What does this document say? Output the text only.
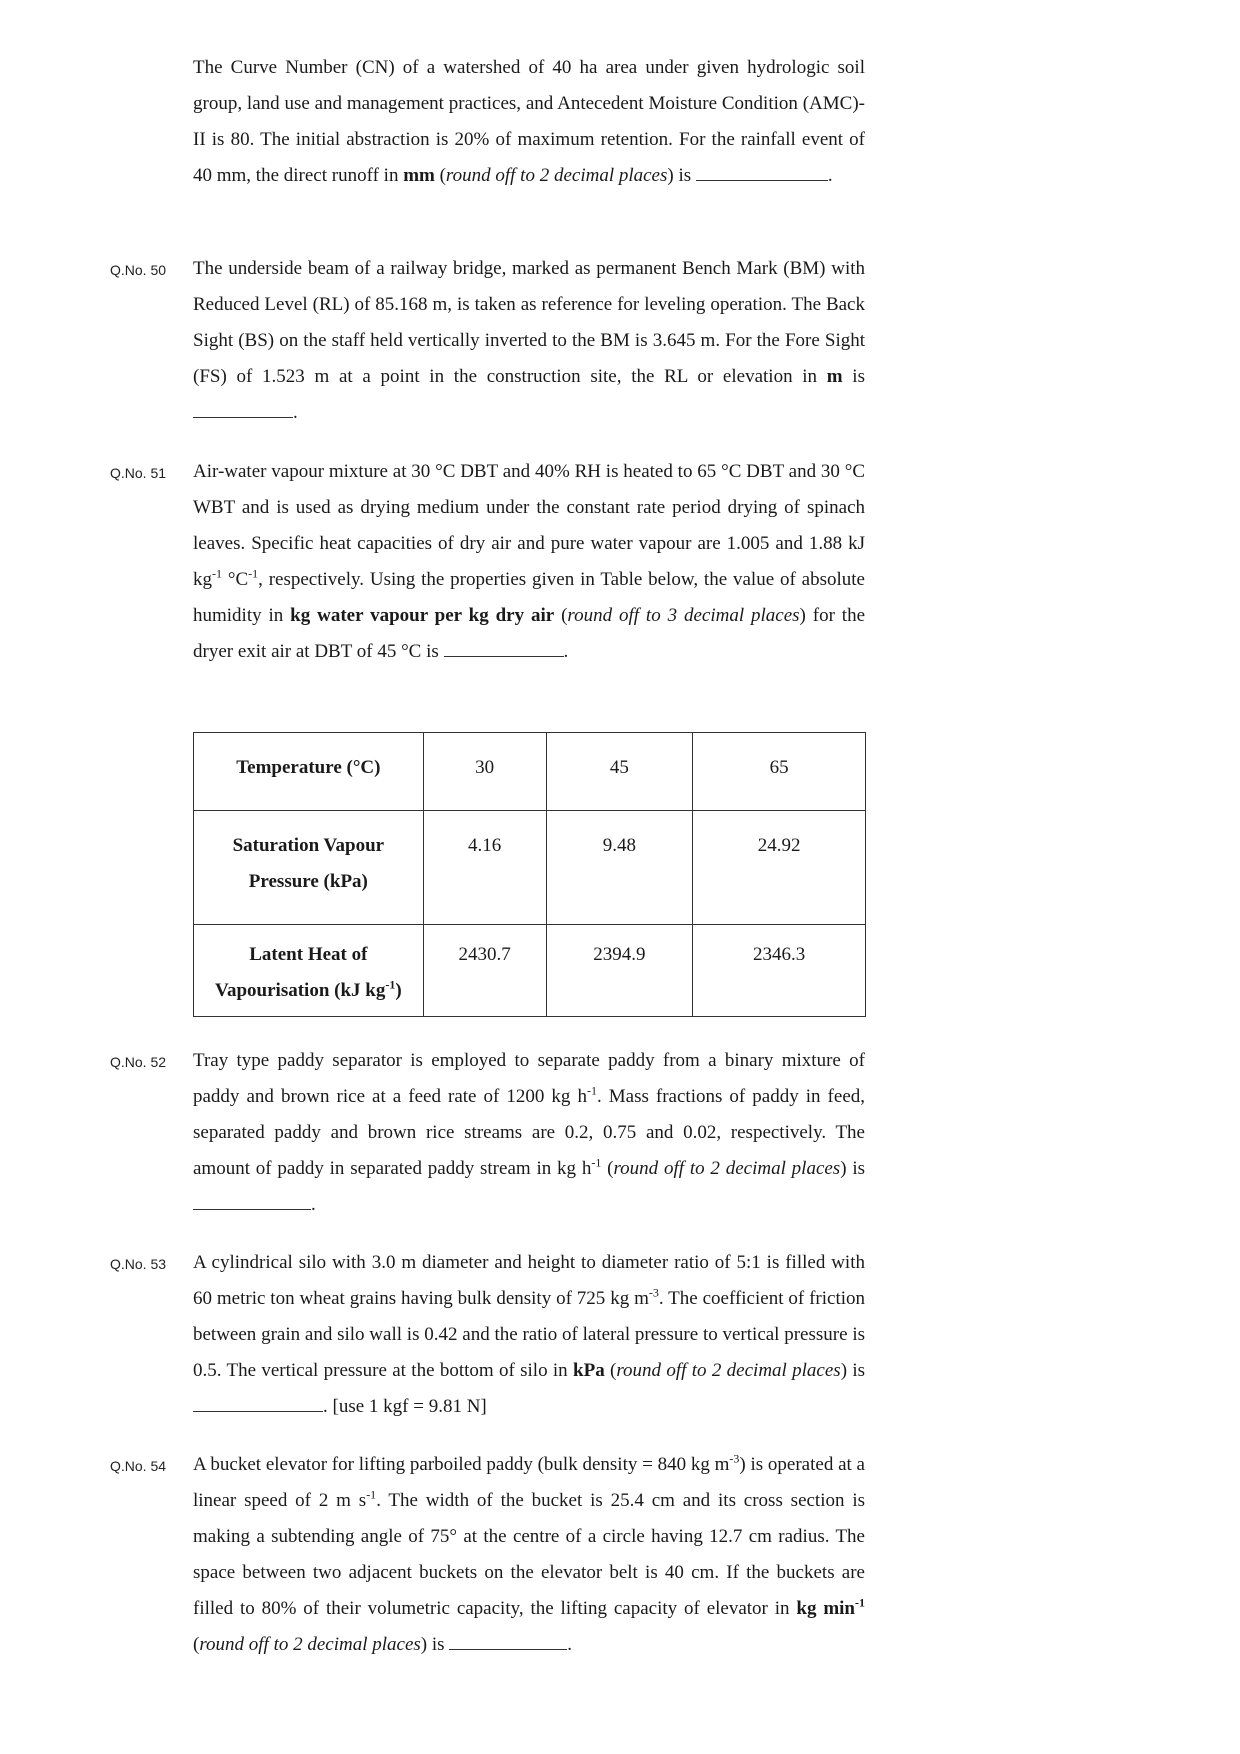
The Curve Number (CN) of a watershed of 40 ha area under given hydrologic soil group, land use and management practices, and Antecedent Moisture Condition (AMC)-II is 80. The initial abstraction is 20% of maximum retention. For the rainfall event of 40 mm, the direct runoff in mm (round off to 2 decimal places) is	.
Q.No. 50 The underside beam of a railway bridge, marked as permanent Bench Mark (BM) with Reduced Level (RL) of 85.168 m, is taken as reference for leveling operation. The Back Sight (BS) on the staff held vertically inverted to the BM is 3.645 m. For the Fore Sight (FS) of 1.523 m at a point in the construction site, the RL or elevation in m is .
Q.No. 51 Air-water vapour mixture at 30 °C DBT and 40% RH is heated to 65 °C DBT and 30 °C WBT and is used as drying medium under the constant rate period drying of spinach leaves. Specific heat capacities of dry air and pure water vapour are 1.005 and 1.88 kJ $kg^{-1}$ $^\circ C^{-1}$, respectively. Using the properties given in Table below, the value of absolute humidity in kg water vapour per kg dry air (round off to 3 decimal places) for the dryer exit air at DBT of 45 °C is	.
Temperature (°C)	30	45	65

Saturation Vapour
Pressure (kPa)	4.16	9.48	24.92

Latent Heat of
Vapourisation (kJ $kg^{-1}$)	2430.7	2394.9	2346.3
Q.No. 52 Tray type paddy separator is employed to separate paddy from a binary mixture of paddy and brown rice at a feed rate of 1200 kg $h^{-1}$. Mass fractions of paddy in feed, separated paddy and brown rice streams are 0.2, 0.75 and 0.02, respectively. The amount of paddy in separated paddy stream in kg $h^{-1}$ (round off to 2 decimal places) is .
Q.No. 53 A cylindrical silo with 3.0 m diameter and height to diameter ratio of 5:1 is filled with 60 metric ton wheat grains having bulk density of 725 kg $m^{-3}$. The coefficient of friction between grain and silo wall is 0.42 and the ratio of lateral pressure to vertical pressure is 0.5. The vertical pressure at the bottom of silo in kPa (round off to 2 decimal places) is . [use 1 kgf = 9.81 N]
Q.No. 54 A bucket elevator for lifting parboiled paddy (bulk density = 840 kg $m^{-3}$) is operated at a linear speed of 2 m $s^{-1}$. The width of the bucket is 25.4 cm and its cross section is making a subtending angle of 75° at the centre of a circle having 12.7 cm radius. The space between two adjacent buckets on the elevator belt is 40 cm. If the buckets are filled to 80% of their volumetric capacity, the lifting capacity of elevator in kg $\min^{-1}$ (round off to 2 decimal places) is	.
